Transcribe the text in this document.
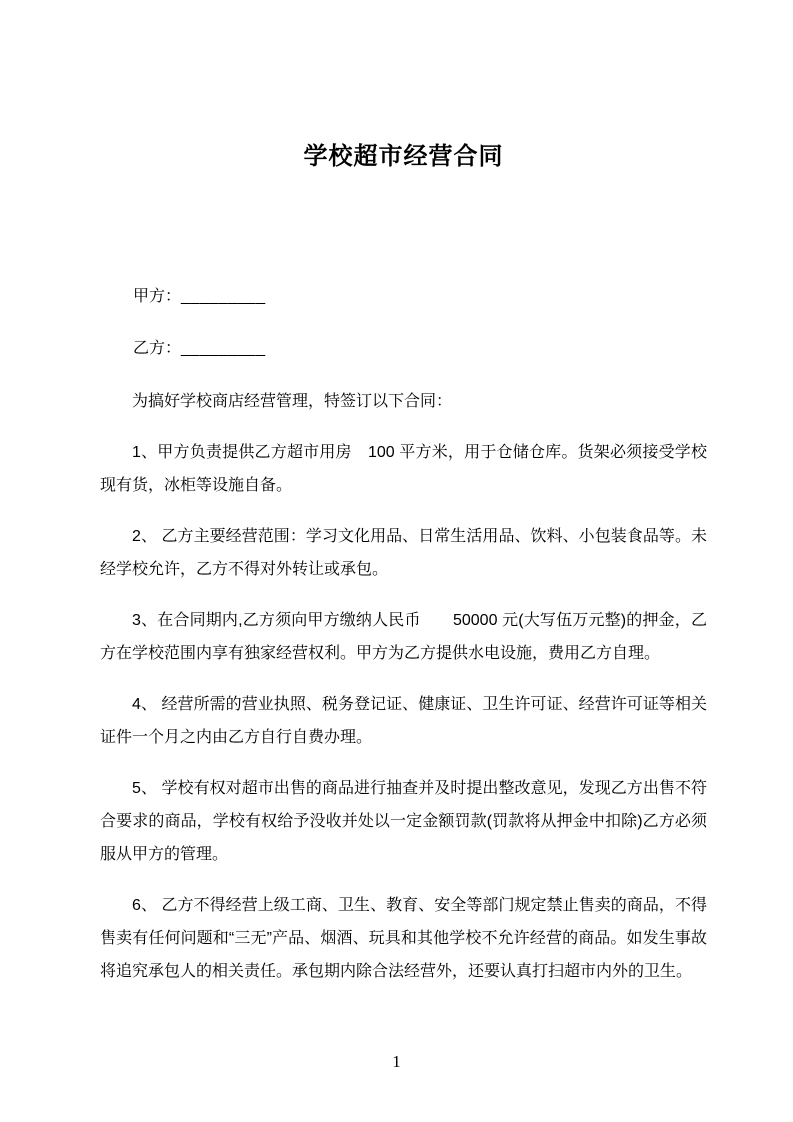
学校超市经营合同

甲方：_________

乙方：_________

为搞好学校商店经营管理，特签订以下合同：

1、甲方负责提供乙方超市用房　100 平方米，用于仓储仓库。货架必须接受学校现有货，冰柜等设施自备。

2、 乙方主要经营范围：学习文化用品、日常生活用品、饮料、小包装食品等。未经学校允许，乙方不得对外转让或承包。

3、在合同期内,乙方须向甲方缴纳人民币　　50000 元(大写伍万元整)的押金，乙方在学校范围内享有独家经营权利。甲方为乙方提供水电设施，费用乙方自理。

4、 经营所需的营业执照、税务登记证、健康证、卫生许可证、经营许可证等相关证件一个月之内由乙方自行自费办理。

5、 学校有权对超市出售的商品进行抽查并及时提出整改意见，发现乙方出售不符合要求的商品，学校有权给予没收并处以一定金额罚款(罚款将从押金中扣除)乙方必须服从甲方的管理。

6、 乙方不得经营上级工商、卫生、教育、安全等部门规定禁止售卖的商品，不得售卖有任何问题和“三无”产品、烟酒、玩具和其他学校不允许经营的商品。如发生事故将追究承包人的相关责任。承包期内除合法经营外，还要认真打扫超市内外的卫生。

1
